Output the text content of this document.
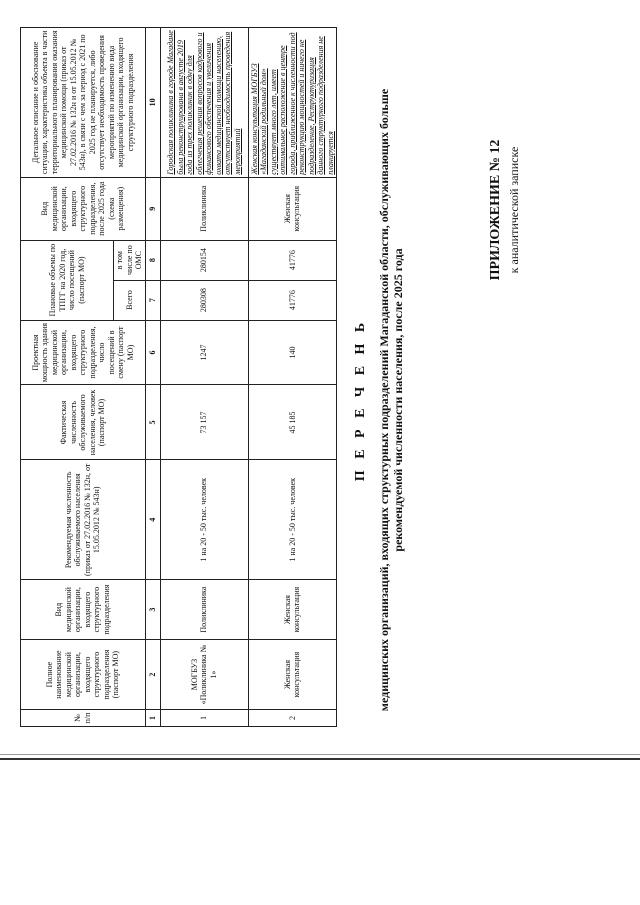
ПРИЛОЖЕНИЕ № 12 к аналитической записке
П Е Р Е Ч Е Н Ь медицинских организаций, входящих структурных подразделений Магаданской области, обслуживающих больше рекомендуемой численности населения, после 2025 года
№ п/п	Полное наименование медицинской организации, входящего структурного подразделения (паспорт МО)	Вид медицинской организации, входящего структурного подразделения	Рекомендуемая численность обслуживаемого населения (приказ от 27.02.2016 № 132н, от 15.05.2012 № 543н)	Фактическая численность обслуживаемого населения, человек (паспорт МО)	Проектная мощность здания медицинской организации, входящего структурного подразделения, число посещений в смену (паспорт МО)	Плановые объемы по ТПГГ на 2020 год, число посещений (паспорт МО)		Вид медицинской организации, входящего структурного подразделения, после 2025 года (схема размещения)	Детальное описание и обоснование ситуации, характеристика объекта в части территориального планирования оказания медицинской помощи (приказ от 27.02.2016 № 132н и от 15.05.2012 № 543н), в связи с чем за период с 2021 по 2025 год не планируется, либо отсутствует необходимость проведения мероприятий по изменению вида медицинской организации, входящего структурного подразделения
						Всего	в том числе по ОМС		
1	2	3	4	5	6	7	8	9	10
1	МОГБУЗ «Поликлиника № 1»	Поликлиника	1 на 20 - 50 тыс. человек	73 157	1247	280308	280154	Поликлиника	Городская поликлиника в городе Магадане была реконструирована в августе 2019 года из трех поликлиник в одну для облегчения решения вопросов кадрового и финансового обеспечения и увеличения охвата медицинской помощи населению, отсутствует необходимость проведения мероприятий
2	Женская консультация	Женская консультация	1 на 20 - 50 тыс. человек	45 185	140	41776	41776	Женская консультация	Женская консультация МОГБУЗ «Магаданский родильный дом» существует много лет, имеет оптимальное расположение в центре города, приближенное к численности под реконструкцию мощностей и ничего не подразделение, Реструктуризация данного структурного подразделения не планируется
